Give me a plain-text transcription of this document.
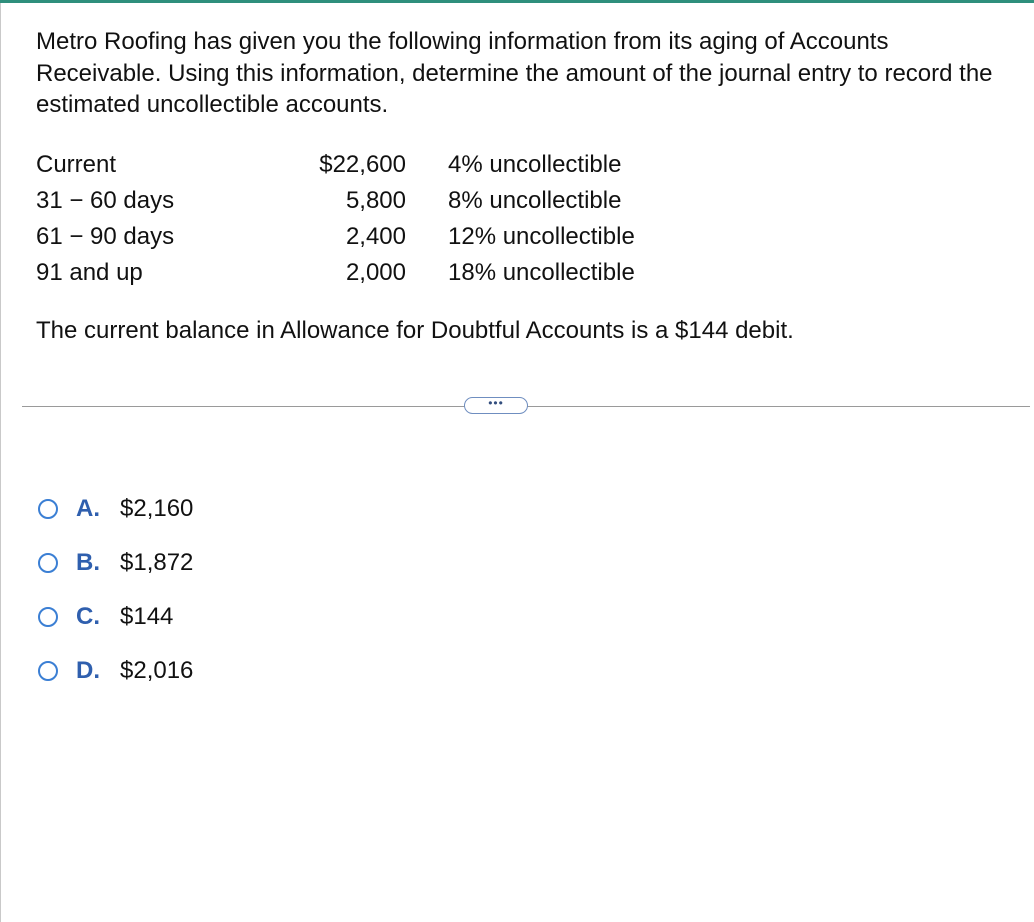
Metro Roofing has given you the following information from its aging of Accounts Receivable. Using this information, determine the amount of the journal entry to record the estimated uncollectible accounts.

Current	$22,600	4% uncollectible
31 − 60 days	5,800	8% uncollectible
61 − 90 days	2,400	12% uncollectible
91 and up	2,000	18% uncollectible

The current balance in Allowance for Doubtful Accounts is a $144 debit.

•••
A. $2,160
B. $1,872
C. $144
D. $2,016
